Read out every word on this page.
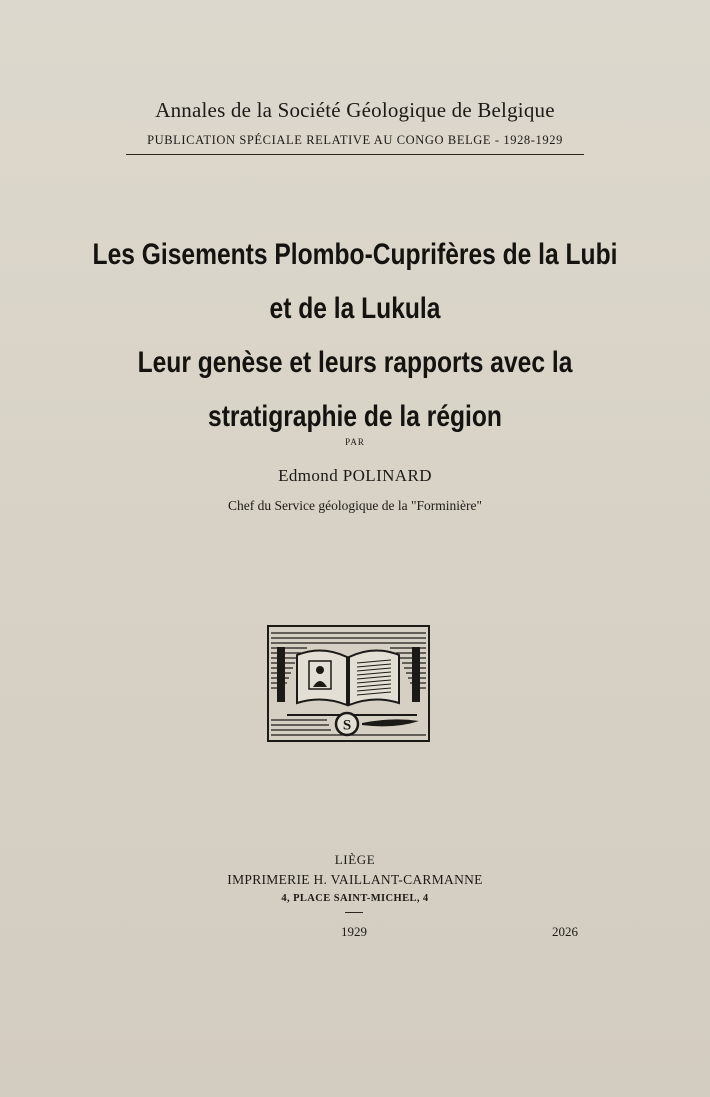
Annales de la Société Géologique de Belgique
PUBLICATION SPÉCIALE RELATIVE AU CONGO BELGE - 1928-1929
Les Gisements Plombo-Cuprifères de la Lubi
et de la Lukula
Leur genèse et leurs rapports avec la
stratigraphie de la région
PAR
Edmond POLINARD
Chef du Service géologique de la "Forminière"
S
LIÈGE
IMPRIMERIE H. VAILLANT-CARMANNE
4, PLACE SAINT-MICHEL, 4
1929	2026
